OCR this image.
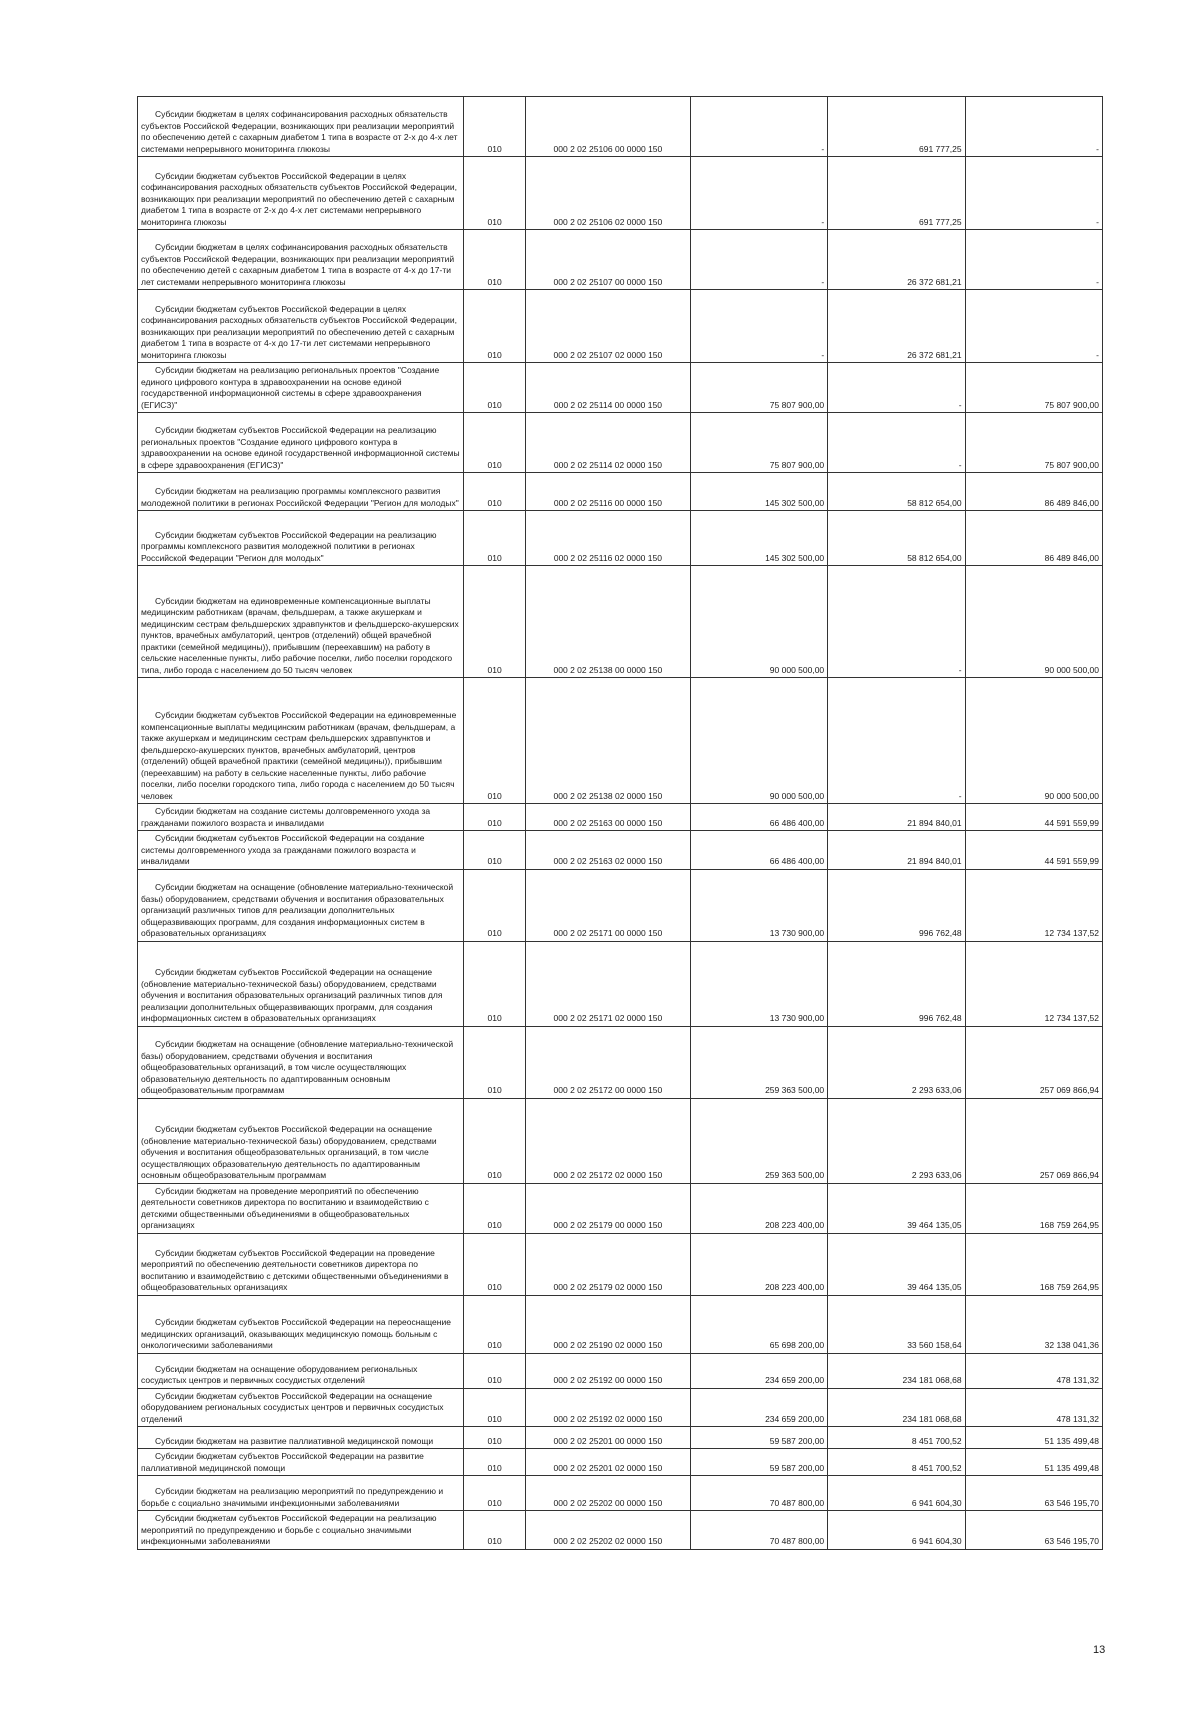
Субсидии бюджетам в целях софинансирования расходных обязательств субъектов Российской Федерации, возникающих при реализации мероприятий по обеспечению детей с сахарным диабетом 1 типа в возрасте от 2-х до 4-х лет системами непрерывного мониторинга глюкозы	010	000 2 02 25106 00 0000 150	-	691 777,25	-
Субсидии бюджетам субъектов Российской Федерации в целях софинансирования расходных обязательств субъектов Российской Федерации, возникающих при реализации мероприятий по обеспечению детей с сахарным диабетом 1 типа в возрасте от 2-х до 4-х лет системами непрерывного мониторинга глюкозы	010	000 2 02 25106 02 0000 150	-	691 777,25	-
Субсидии бюджетам в целях софинансирования расходных обязательств субъектов Российской Федерации, возникающих при реализации мероприятий по обеспечению детей с сахарным диабетом 1 типа в возрасте от 4-х до 17-ти лет системами непрерывного мониторинга глюкозы	010	000 2 02 25107 00 0000 150	-	26 372 681,21	-
Субсидии бюджетам субъектов Российской Федерации в целях софинансирования расходных обязательств субъектов Российской Федерации, возникающих при реализации мероприятий по обеспечению детей с сахарным диабетом 1 типа в возрасте от 4-х до 17-ти лет системами непрерывного мониторинга глюкозы	010	000 2 02 25107 02 0000 150	-	26 372 681,21	-
Субсидии бюджетам на реализацию региональных проектов "Создание единого цифрового контура в здравоохранении на основе единой государственной информационной системы в сфере здравоохранения (ЕГИСЗ)"	010	000 2 02 25114 00 0000 150	75 807 900,00	-	75 807 900,00
Субсидии бюджетам субъектов Российской Федерации на реализацию региональных проектов "Создание единого цифрового контура в здравоохранении на основе единой государственной информационной системы в сфере здравоохранения (ЕГИСЗ)"	010	000 2 02 25114 02 0000 150	75 807 900,00	-	75 807 900,00
Субсидии бюджетам на реализацию программы комплексного развития молодежной политики в регионах Российской Федерации "Регион для молодых"	010	000 2 02 25116 00 0000 150	145 302 500,00	58 812 654,00	86 489 846,00
Субсидии бюджетам субъектов Российской Федерации на реализацию программы комплексного развития молодежной политики в регионах Российской Федерации "Регион для молодых"	010	000 2 02 25116 02 0000 150	145 302 500,00	58 812 654,00	86 489 846,00
Субсидии бюджетам на единовременные компенсационные выплаты медицинским работникам (врачам, фельдшерам, а также акушеркам и медицинским сестрам фельдшерских здравпунктов и фельдшерско-акушерских пунктов, врачебных амбулаторий, центров (отделений) общей врачебной практики (семейной медицины)), прибывшим (переехавшим) на работу в сельские населенные пункты, либо рабочие поселки, либо поселки городского типа, либо города с населением до 50 тысяч человек	010	000 2 02 25138 00 0000 150	90 000 500,00	-	90 000 500,00
Субсидии бюджетам субъектов Российской Федерации на единовременные компенсационные выплаты медицинским работникам (врачам, фельдшерам, а также акушеркам и медицинским сестрам фельдшерских здравпунктов и фельдшерско-акушерских пунктов, врачебных амбулаторий, центров (отделений) общей врачебной практики (семейной медицины)), прибывшим (переехавшим) на работу в сельские населенные пункты, либо рабочие поселки, либо поселки городского типа, либо города с населением до 50 тысяч человек	010	000 2 02 25138 02 0000 150	90 000 500,00	-	90 000 500,00
Субсидии бюджетам на создание системы долговременного ухода за гражданами пожилого возраста и инвалидами	010	000 2 02 25163 00 0000 150	66 486 400,00	21 894 840,01	44 591 559,99
Субсидии бюджетам субъектов Российской Федерации на создание системы долговременного ухода за гражданами пожилого возраста и инвалидами	010	000 2 02 25163 02 0000 150	66 486 400,00	21 894 840,01	44 591 559,99
Субсидии бюджетам на оснащение (обновление материально-технической базы) оборудованием, средствами обучения и воспитания образовательных организаций различных типов для реализации дополнительных общеразвивающих программ, для создания информационных систем в образовательных организациях	010	000 2 02 25171 00 0000 150	13 730 900,00	996 762,48	12 734 137,52
Субсидии бюджетам субъектов Российской Федерации на оснащение (обновление материально-технической базы) оборудованием, средствами обучения и воспитания образовательных организаций различных типов для реализации дополнительных общеразвивающих программ, для создания информационных систем в образовательных организациях	010	000 2 02 25171 02 0000 150	13 730 900,00	996 762,48	12 734 137,52
Субсидии бюджетам на оснащение (обновление материально-технической базы) оборудованием, средствами обучения и воспитания общеобразовательных организаций, в том числе осуществляющих образовательную деятельность по адаптированным основным общеобразовательным программам	010	000 2 02 25172 00 0000 150	259 363 500,00	2 293 633,06	257 069 866,94
Субсидии бюджетам субъектов Российской Федерации на оснащение (обновление материально-технической базы) оборудованием, средствами обучения и воспитания общеобразовательных организаций, в том числе осуществляющих образовательную деятельность по адаптированным основным общеобразовательным программам	010	000 2 02 25172 02 0000 150	259 363 500,00	2 293 633,06	257 069 866,94
Субсидии бюджетам на проведение мероприятий по обеспечению деятельности советников директора по воспитанию и взаимодействию с детскими общественными объединениями в общеобразовательных организациях	010	000 2 02 25179 00 0000 150	208 223 400,00	39 464 135,05	168 759 264,95
Субсидии бюджетам субъектов Российской Федерации на проведение мероприятий по обеспечению деятельности советников директора по воспитанию и взаимодействию с детскими общественными объединениями в общеобразовательных организациях	010	000 2 02 25179 02 0000 150	208 223 400,00	39 464 135,05	168 759 264,95
Субсидии бюджетам субъектов Российской Федерации на переоснащение медицинских организаций, оказывающих медицинскую помощь больным с онкологическими заболеваниями	010	000 2 02 25190 02 0000 150	65 698 200,00	33 560 158,64	32 138 041,36
Субсидии бюджетам на оснащение оборудованием региональных сосудистых центров и первичных сосудистых отделений	010	000 2 02 25192 00 0000 150	234 659 200,00	234 181 068,68	478 131,32
Субсидии бюджетам субъектов Российской Федерации на оснащение оборудованием региональных сосудистых центров и первичных сосудистых отделений	010	000 2 02 25192 02 0000 150	234 659 200,00	234 181 068,68	478 131,32
Субсидии бюджетам на развитие паллиативной медицинской помощи	010	000 2 02 25201 00 0000 150	59 587 200,00	8 451 700,52	51 135 499,48
Субсидии бюджетам субъектов Российской Федерации на развитие паллиативной медицинской помощи	010	000 2 02 25201 02 0000 150	59 587 200,00	8 451 700,52	51 135 499,48
Субсидии бюджетам на реализацию мероприятий по предупреждению и борьбе с социально значимыми инфекционными заболеваниями	010	000 2 02 25202 00 0000 150	70 487 800,00	6 941 604,30	63 546 195,70
Субсидии бюджетам субъектов Российской Федерации на реализацию мероприятий по предупреждению и борьбе с социально значимыми инфекционными заболеваниями	010	000 2 02 25202 02 0000 150	70 487 800,00	6 941 604,30	63 546 195,70
13
